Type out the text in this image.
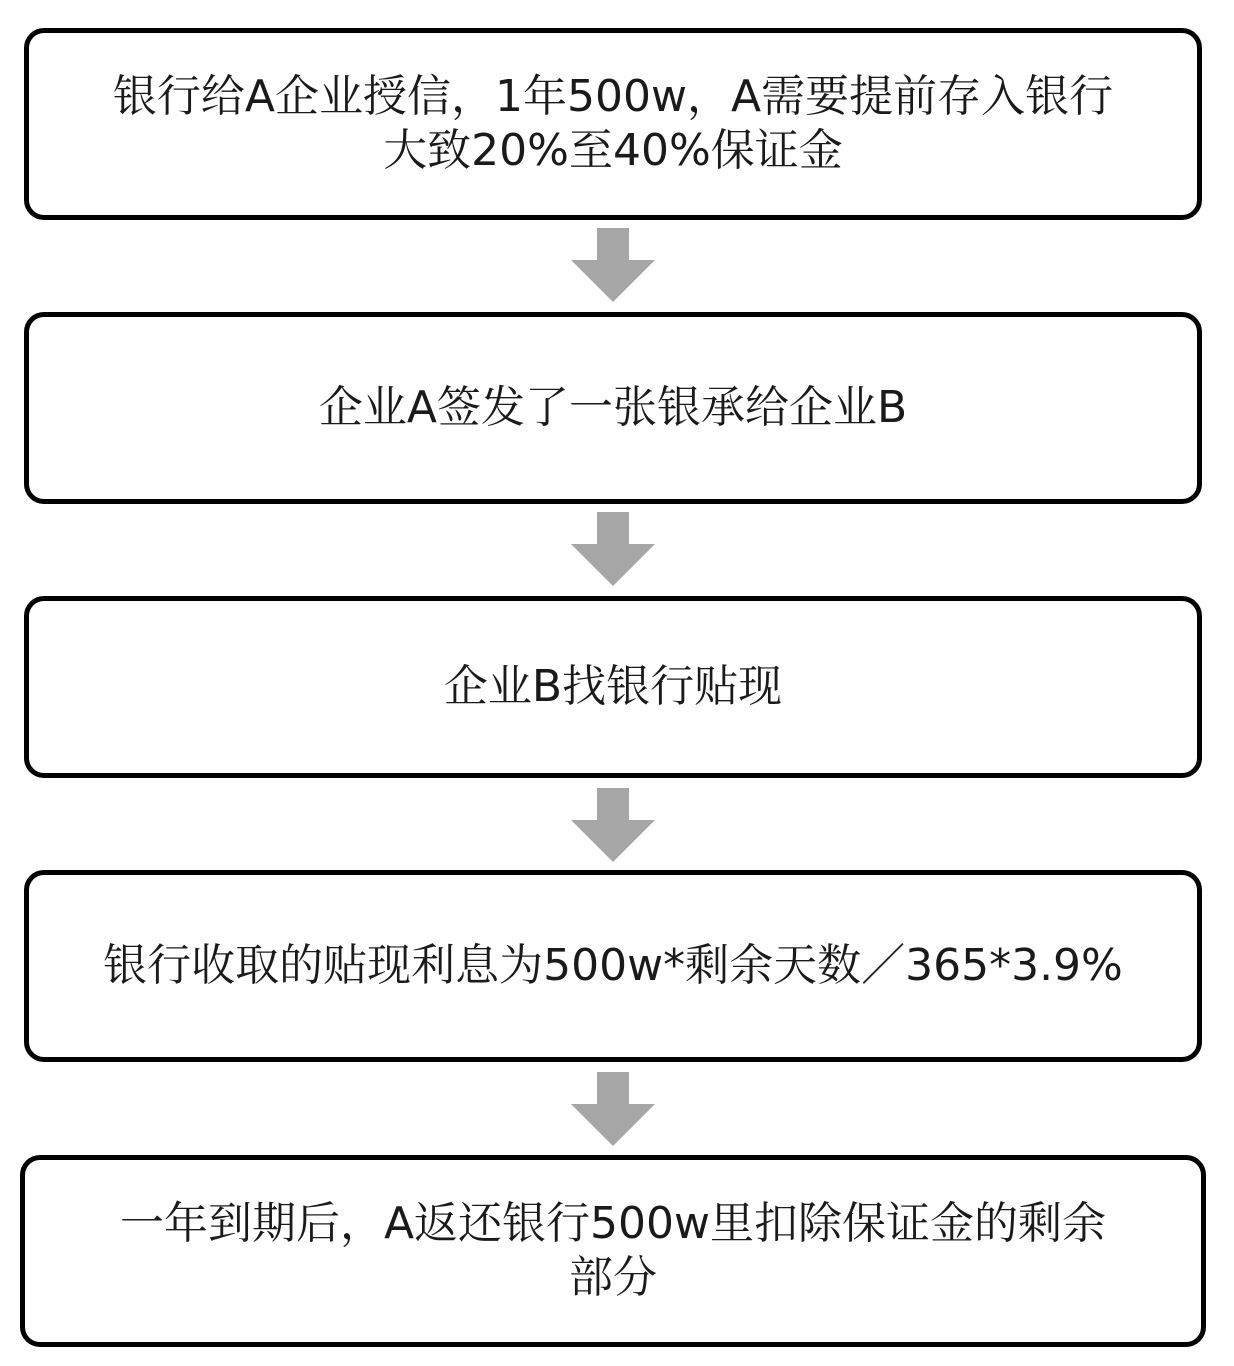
银行给A企业授信，1年500w，A需要提前存入银行
大致20%至40%保证金
企业A签发了一张银承给企业B
企业B找银行贴现
银行收取的贴现利息为500w*剩余天数／365*3.9%
一年到期后，A返还银行500w里扣除保证金的剩余
部分
